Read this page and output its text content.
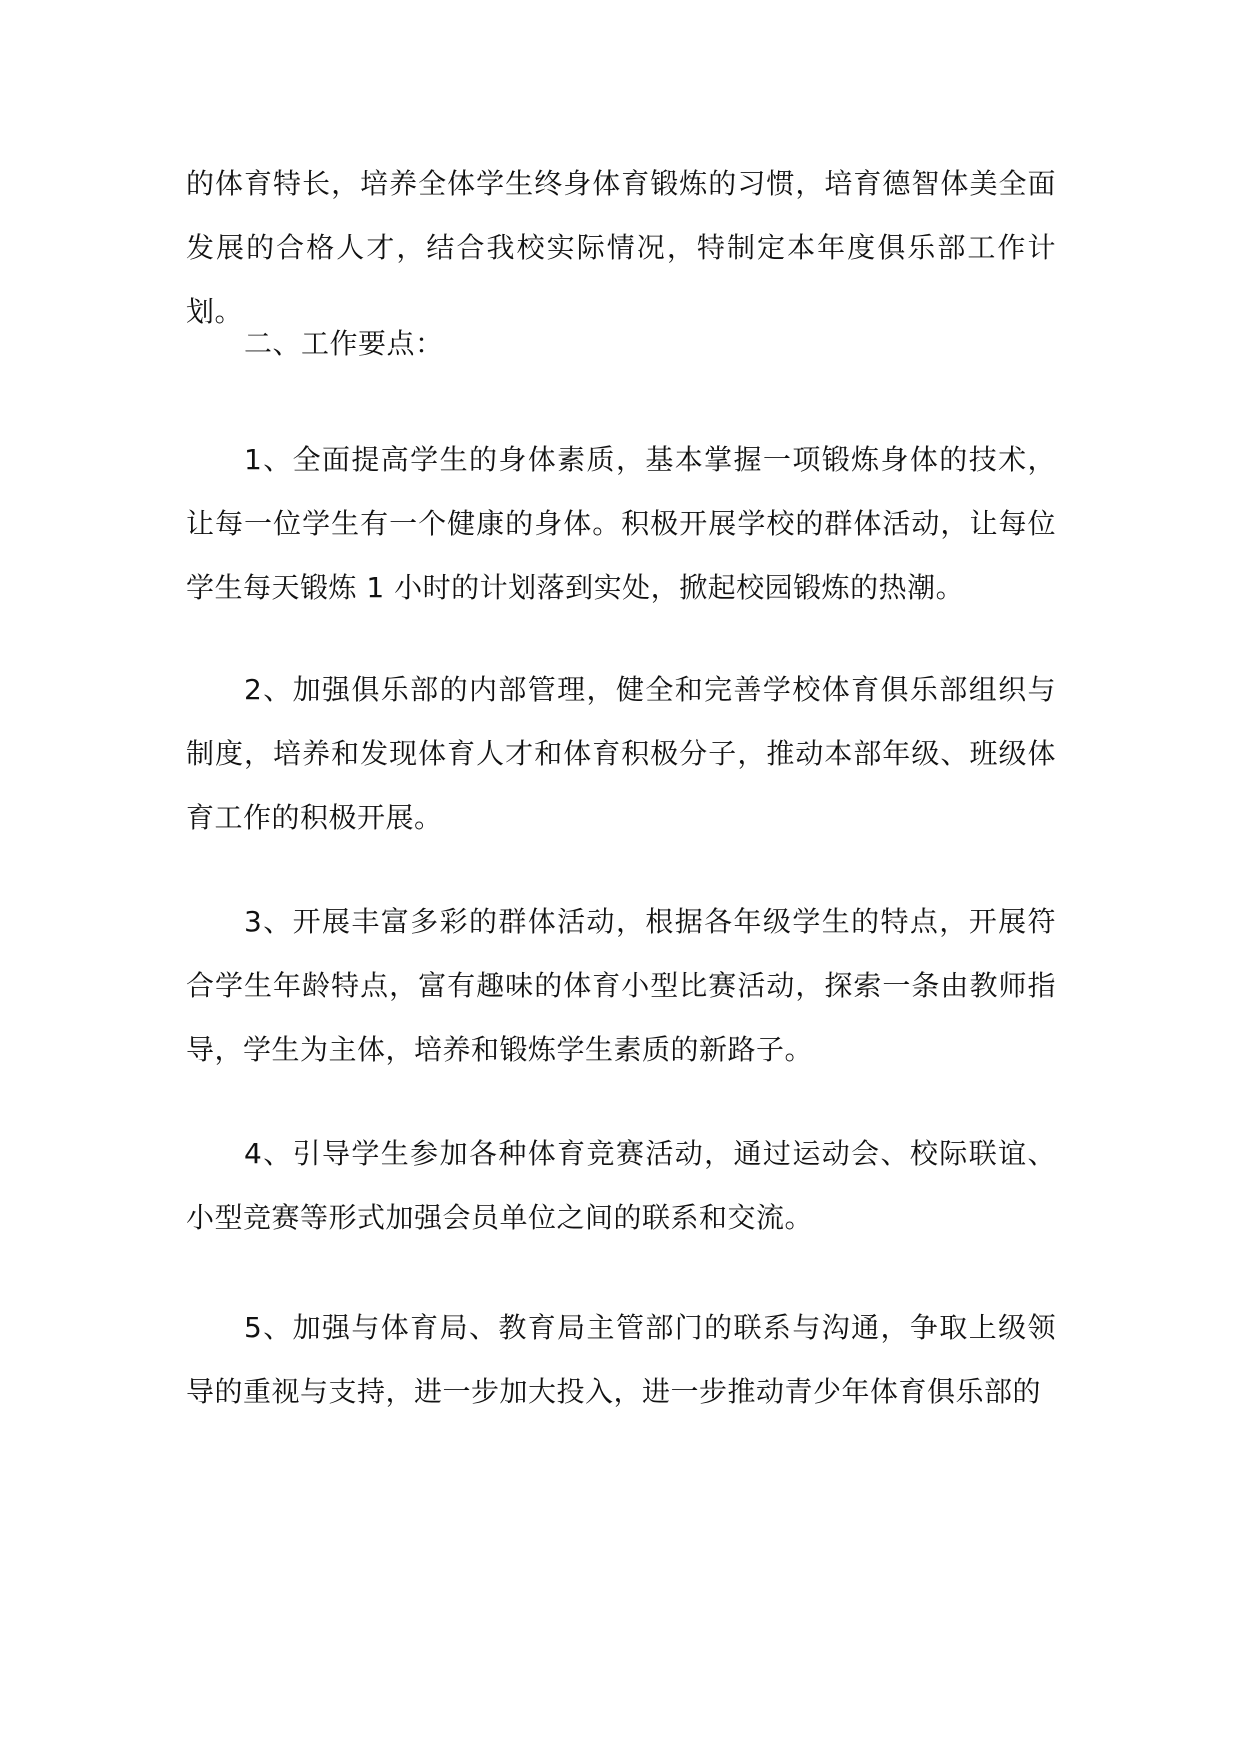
的体育特长，培养全体学生终身体育锻炼的习惯，培育德智体美全面发展的合格人才，结合我校实际情况，特制定本年度俱乐部工作计划。

二、工作要点：

1、全面提高学生的身体素质，基本掌握一项锻炼身体的技术，让每一位学生有一个健康的身体。积极开展学校的群体活动，让每位学生每天锻炼 1 小时的计划落到实处，掀起校园锻炼的热潮。

2、加强俱乐部的内部管理，健全和完善学校体育俱乐部组织与制度，培养和发现体育人才和体育积极分子，推动本部年级、班级体育工作的积极开展。

3、开展丰富多彩的群体活动，根据各年级学生的特点，开展符合学生年龄特点，富有趣味的体育小型比赛活动，探索一条由教师指导，学生为主体，培养和锻炼学生素质的新路子。

4、引导学生参加各种体育竞赛活动，通过运动会、校际联谊、小型竞赛等形式加强会员单位之间的联系和交流。

5、加强与体育局、教育局主管部门的联系与沟通，争取上级领导的重视与支持，进一步加大投入，进一步推动青少年体育俱乐部的
